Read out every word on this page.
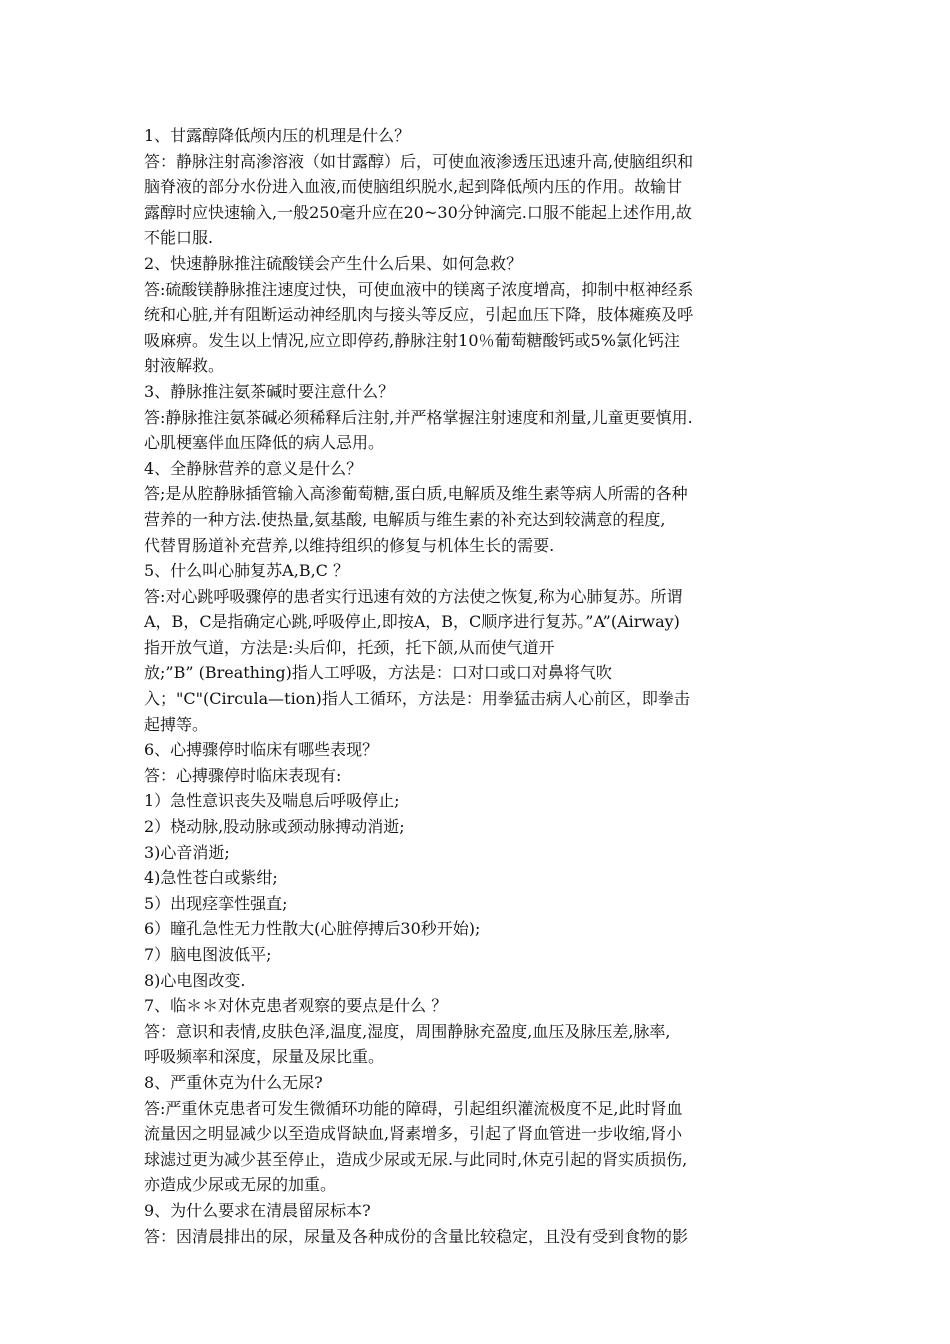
1、甘露醇降低颅内压的机理是什么？
答：静脉注射高渗溶液（如甘露醇）后，可使血液渗透压迅速升高,使脑组织和
脑脊液的部分水份进入血液,而使脑组织脱水,起到降低颅内压的作用。故输甘
露醇时应快速输入,一般250毫升应在20~30分钟滴完.口服不能起上述作用,故
不能口服.
2、快速静脉推注硫酸镁会产生什么后果、如何急救？
答:硫酸镁静脉推注速度过快，可使血液中的镁离子浓度增高，抑制中枢神经系
统和心脏,并有阻断运动神经肌肉与接头等反应，引起血压下降，肢体瘫痪及呼
吸麻痹。发生以上情况,应立即停药,静脉注射10％葡萄糖酸钙或5%氯化钙注
射液解救。
3、静脉推注氨茶碱时要注意什么？
答:静脉推注氨茶碱必须稀释后注射,并严格掌握注射速度和剂量,儿童更要慎用.
心肌梗塞伴血压降低的病人忌用。
4、全静脉营养的意义是什么？
答;是从腔静脉插管输入高渗葡萄糖,蛋白质,电解质及维生素等病人所需的各种
营养的一种方法.使热量,氨基酸, 电解质与维生素的补充达到较满意的程度,
代替胃肠道补充营养,以维持组织的修复与机体生长的需要.
5、什么叫心肺复苏A,B,C ？
答:对心跳呼吸骤停的患者实行迅速有效的方法使之恢复,称为心肺复苏。所谓
A，B，C是指确定心跳,呼吸停止,即按A，B，C顺序进行复苏。”A”(Airway)
指开放气道，方法是:头后仰，托颈，托下颌,从而使气道开
放;”B” (Breathing)指人工呼吸，方法是：口对口或口对鼻将气吹
入；"C"(Circula—tion)指人工循环，方法是：用拳猛击病人心前区，即拳击
起搏等。
6、心搏骤停时临床有哪些表现？
答：心搏骤停时临床表现有:
1）急性意识丧失及喘息后呼吸停止;
2）桡动脉,股动脉或颈动脉搏动消逝;
3)心音消逝;
4)急性苍白或紫绀;
5）出现痉挛性强直;
6）瞳孔急性无力性散大(心脏停搏后30秒开始);
7）脑电图波低平;
8)心电图改变.
7、临＊＊对休克患者观察的要点是什么 ？
答：意识和表情,皮肤色泽,温度,湿度，周围静脉充盈度,血压及脉压差,脉率,
呼吸频率和深度，尿量及尿比重。
8、严重休克为什么无尿?
答:严重休克患者可发生微循环功能的障碍，引起组织灌流极度不足,此时肾血
流量因之明显减少以至造成肾缺血,肾素增多，引起了肾血管进一步收缩,肾小
球滤过更为减少甚至停止，造成少尿或无尿.与此同时,休克引起的肾实质损伤,
亦造成少尿或无尿的加重。
9、为什么要求在清晨留尿标本?
答：因清晨排出的尿，尿量及各种成份的含量比较稳定，且没有受到食物的影
